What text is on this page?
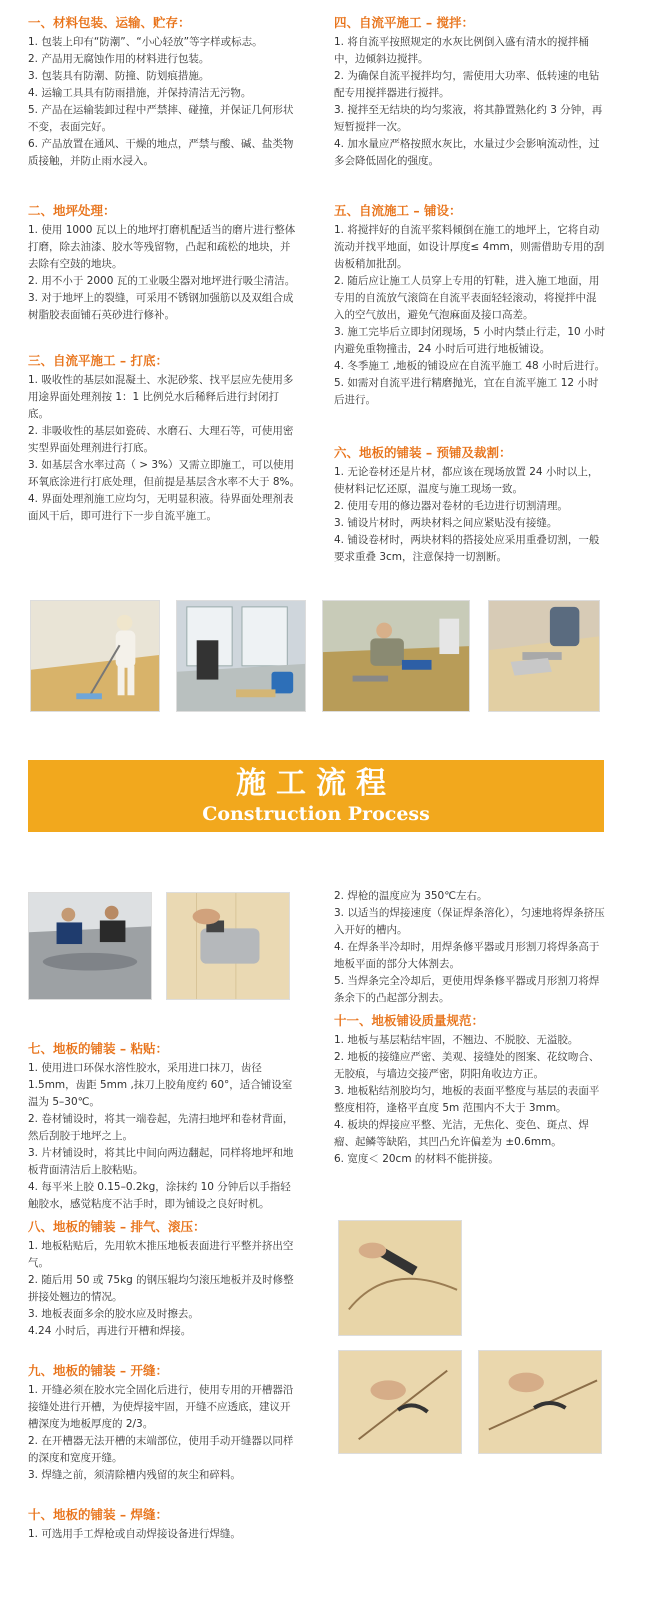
一、材料包装、运输、贮存：

1. 包装上印有“防潮”、“小心轻放”等字样或标志。

2. 产品用无腐蚀作用的材料进行包装。

3. 包装具有防潮、防撞、防划痕措施。

4. 运输工具具有防雨措施，并保持清洁无污物。

5. 产品在运输装卸过程中严禁摔、碰撞，并保证几何形状不变，表面完好。

6. 产品放置在通风、干燥的地点，严禁与酸、碱、盐类物质接触，并防止雨水浸入。

二、地坪处理：

1. 使用 1000 瓦以上的地坪打磨机配适当的磨片进行整体打磨，除去油漆、胶水等残留物，凸起和疏松的地块，并去除有空鼓的地块。

2. 用不小于 2000 瓦的工业吸尘器对地坪进行吸尘清洁。

3. 对于地坪上的裂缝，可采用不锈钢加强筋以及双组合成树脂胶表面铺石英砂进行修补。

三、自流平施工 – 打底：

1. 吸收性的基层如混凝土、水泥砂浆、找平层应先使用多用途界面处理剂按 1：1 比例兑水后稀释后进行封闭打底。

2. 非吸收性的基层如瓷砖、水磨石、大理石等，可使用密实型界面处理剂进行打底。

3. 如基层含水率过高（ > 3%）又需立即施工，可以使用环氧底涂进行打底处理，但前提是基层含水率不大于 8%。

4. 界面处理剂施工应均匀，无明显积液。待界面处理剂表面风干后，即可进行下一步自流平施工。

四、自流平施工 – 搅拌：

1. 将自流平按照规定的水灰比例倒入盛有清水的搅拌桶中，边倾斜边搅拌。

2. 为确保自流平搅拌均匀，需使用大功率、低转速的电钻配专用搅拌器进行搅拌。

3. 搅拌至无结块的均匀浆液，将其静置熟化约 3 分钟，再短暂搅拌一次。

4. 加水量应严格按照水灰比，水量过少会影响流动性，过多会降低固化的强度。

五、自流施工 – 铺设：

1. 将搅拌好的自流平浆料倾倒在施工的地坪上，它将自动流动并找平地面，如设计厚度≤ 4mm，则需借助专用的刮齿板稍加批刮。

2. 随后应让施工人员穿上专用的钉鞋，进入施工地面，用专用的自流放气滚筒在自流平表面轻轻滚动，将搅拌中混入的空气放出，避免气泡麻面及接口高差。

3. 施工完毕后立即封闭现场，5 小时内禁止行走，10 小时内避免重物撞击，24 小时后可进行地板铺设。

4. 冬季施工 ,地板的铺设应在自流平施工 48 小时后进行。

5. 如需对自流平进行精磨抛光，宜在自流平施工 12 小时后进行。

六、地板的铺装 – 预铺及裁割：

1. 无论卷材还是片材，都应该在现场放置 24 小时以上，使材料记忆还原，温度与施工现场一致。

2. 使用专用的修边器对卷材的毛边进行切割清理。

3. 铺设片材时，两块材料之间应紧贴没有接缝。

4. 铺设卷材时，两块材料的搭接处应采用重叠切割，一般要求重叠 3cm，注意保持一切割断。

施工流程
Construction Process
七、地板的铺装 – 粘贴：

1. 使用进口环保水溶性胶水，采用进口抹刀，齿径 1.5mm，齿距 5mm ,抹刀上胶角度约 60°，适合铺设室温为 5–30℃。

2. 卷材铺设时，将其一端卷起，先清扫地坪和卷材背面，然后刮胶于地坪之上。

3. 片材铺设时，将其比中间向两边翻起，同样将地坪和地板背面清洁后上胶粘贴。

4. 每平米上胶 0.15–0.2kg，涂抹约 10 分钟后以手指轻触胶水，感觉粘度不沾手时，即为铺设之良好时机。

八、地板的铺装 – 排气、滚压：

1. 地板粘贴后，先用软木推压地板表面进行平整并挤出空气。

2. 随后用 50 或 75kg 的钢压辊均匀滚压地板并及时修整拼接处翘边的情况。

3. 地板表面多余的胶水应及时擦去。

4.24 小时后，再进行开槽和焊接。

九、地板的铺装 – 开缝：

1. 开缝必须在胶水完全固化后进行，使用专用的开槽器沿接缝处进行开槽，为使焊接牢固，开缝不应透底，建议开槽深度为地板厚度的 2/3。

2. 在开槽器无法开槽的末端部位，使用手动开缝器以同样的深度和宽度开缝。

3. 焊缝之前，须清除槽内残留的灰尘和碎料。

十、地板的铺装 – 焊缝：

1. 可选用手工焊枪或自动焊接设备进行焊缝。

2. 焊枪的温度应为 350℃左右。

3. 以适当的焊接速度（保证焊条溶化），匀速地将焊条挤压入开好的槽内。

4. 在焊条半冷却时，用焊条修平器或月形割刀将焊条高于地板平面的部分大体割去。

5. 当焊条完全冷却后，更使用焊条修平器或月形割刀将焊条余下的凸起部分割去。

十一、地板铺设质量规范：

1. 地板与基层粘结牢固，不翘边、不脱胶、无溢胶。

2. 地板的接缝应严密、美观、接缝处的图案、花纹吻合、无胶痕，与墙边交接严密，阴阳角收边方正。

3. 地板粘结剂胶均匀，地板的表面平整度与基层的表面平整度相符，逢格平直度 5m 范围内不大于 3mm。

4. 板块的焊接应平整、光洁，无焦化、变色、斑点、焊瘤、起鳞等缺陷，其凹凸允许偏差为 ±0.6mm。

6. 宽度＜ 20cm 的材料不能拼接。
